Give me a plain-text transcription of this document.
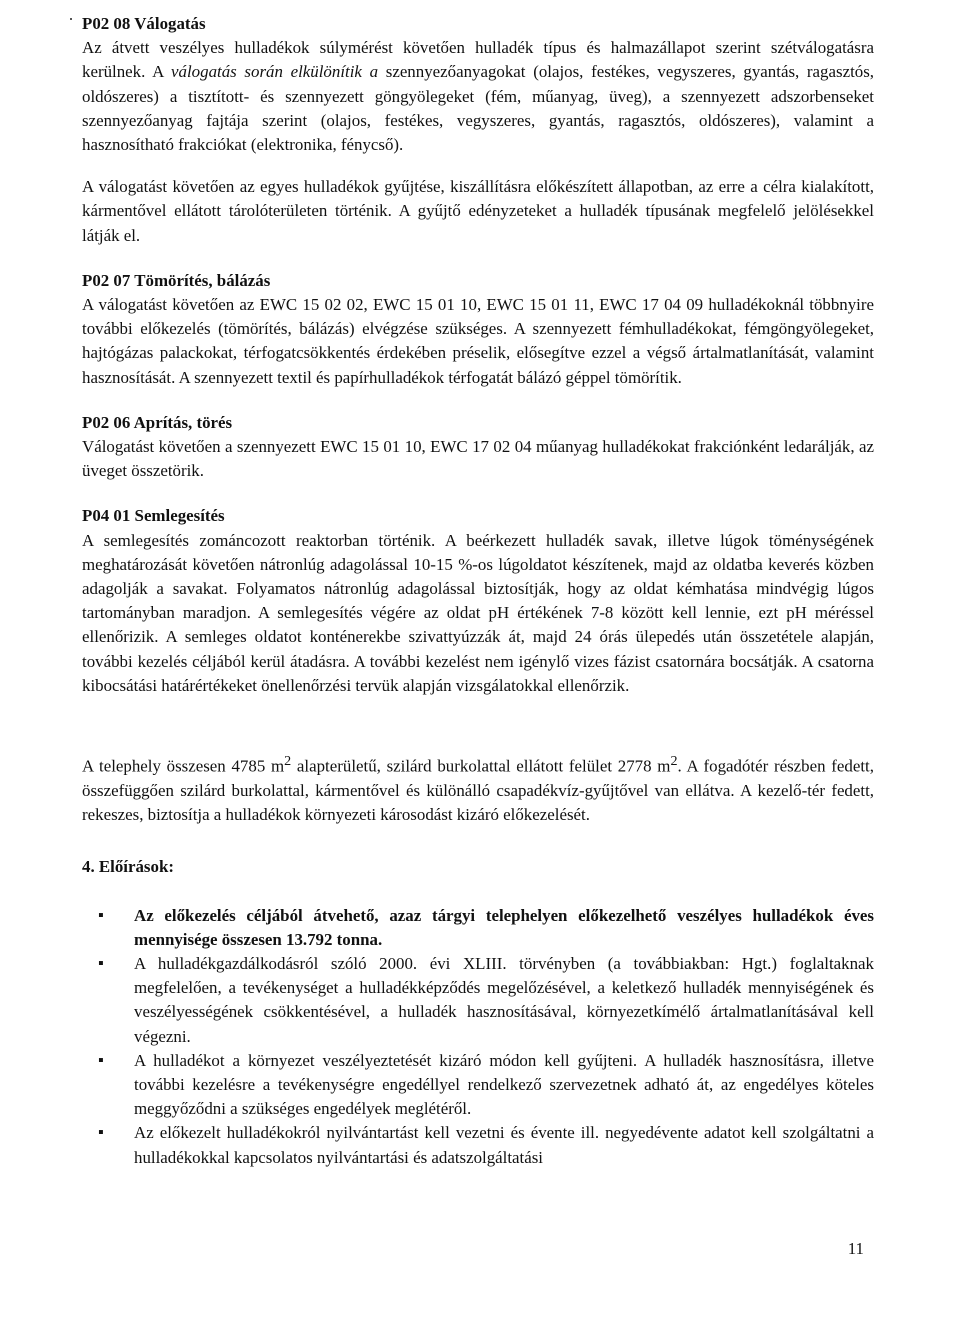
P02 08 Válogatás

Az átvett veszélyes hulladékok súlymérést követően hulladék típus és halmazállapot szerint szétválogatásra kerülnek. A válogatás során elkülönítik a szennyezőanyagokat (olajos, festékes, vegyszeres, gyantás, ragasztós, oldószeres) a tisztított- és szennyezett göngyölegeket (fém, műanyag, üveg), a szennyezett adszorbenseket szennyezőanyag fajtája szerint (olajos, festékes, vegyszeres, gyantás, ragasztós, oldószeres), valamint a hasznosítható frakciókat (elektronika, fénycső).

A válogatást követően az egyes hulladékok gyűjtése, kiszállításra előkészített állapotban, az erre a célra kialakított, kármentővel ellátott tárolóterületen történik. A gyűjtő edényzeteket a hulladék típusának megfelelő jelölésekkel látják el.

P02 07 Tömörítés, bálázás

A válogatást követően az EWC 15 02 02, EWC 15 01 10, EWC 15 01 11, EWC 17 04 09 hulladékoknál többnyire további előkezelés (tömörítés, bálázás) elvégzése szükséges. A szennyezett fémhulladékokat, fémgöngyölegeket, hajtógázas palackokat, térfogatcsökkentés érdekében préselik, elősegítve ezzel a végső ártalmatlanítását, valamint hasznosítását. A szennyezett textil és papírhulladékok térfogatát bálázó géppel tömörítik.

P02 06 Aprítás, törés

Válogatást követően a szennyezett EWC 15 01 10, EWC 17 02 04 műanyag hulladékokat frakciónként ledarálják, az üveget összetörik.

P04 01 Semlegesítés

A semlegesítés zománcozott reaktorban történik. A beérkezett hulladék savak, illetve lúgok töménységének meghatározását követően nátronlúg adagolással 10-15 %-os lúgoldatot készítenek, majd az oldatba keverés közben adagolják a savakat. Folyamatos nátronlúg adagolással biztosítják, hogy az oldat kémhatása mindvégig lúgos tartományban maradjon. A semlegesítés végére az oldat pH értékének 7-8 között kell lennie, ezt pH méréssel ellenőrizik. A semleges oldatot konténerekbe szivattyúzzák át, majd 24 órás ülepedés után összetétele alapján, további kezelés céljából kerül átadásra. A további kezelést nem igénylő vizes fázist csatornára bocsátják. A csatorna kibocsátási határértékeket önellenőrzési tervük alapján vizsgálatokkal ellenőrzik.

A telephely összesen 4785 $m^2$ alapterületű, szilárd burkolattal ellátott felület 2778 $m^2$. A fogadótér részben fedett, összefüggően szilárd burkolattal, kármentővel és különálló csapadékvíz-gyűjtővel van ellátva. A kezelő-tér fedett, rekeszes, biztosítja a hulladékok környezeti károsodást kizáró előkezelését.

4. Előírások:
▪ Az előkezelés céljából átvehető, azaz tárgyi telephelyen előkezelhető veszélyes hulladékok éves mennyisége összesen 13.792 tonna.
▪ A hulladékgazdálkodásról szóló 2000. évi XLIII. törvényben (a továbbiakban: Hgt.) foglaltaknak megfelelően, a tevékenységet a hulladékképződés megelőzésével, a keletkező hulladék mennyiségének és veszélyességének csökkentésével, a hulladék hasznosításával, környezetkímélő ártalmatlanításával kell végezni.
▪ A hulladékot a környezet veszélyeztetését kizáró módon kell gyűjteni. A hulladék hasznosításra, illetve további kezelésre a tevékenységre engedéllyel rendelkező szervezetnek adható át, az engedélyes köteles meggyőződni a szükséges engedélyek meglétéről.
▪ Az előkezelt hulladékokról nyilvántartást kell vezetni és évente ill. negyedévente adatot kell szolgáltatni a hulladékokkal kapcsolatos nyilvántartási és adatszolgáltatási
11
